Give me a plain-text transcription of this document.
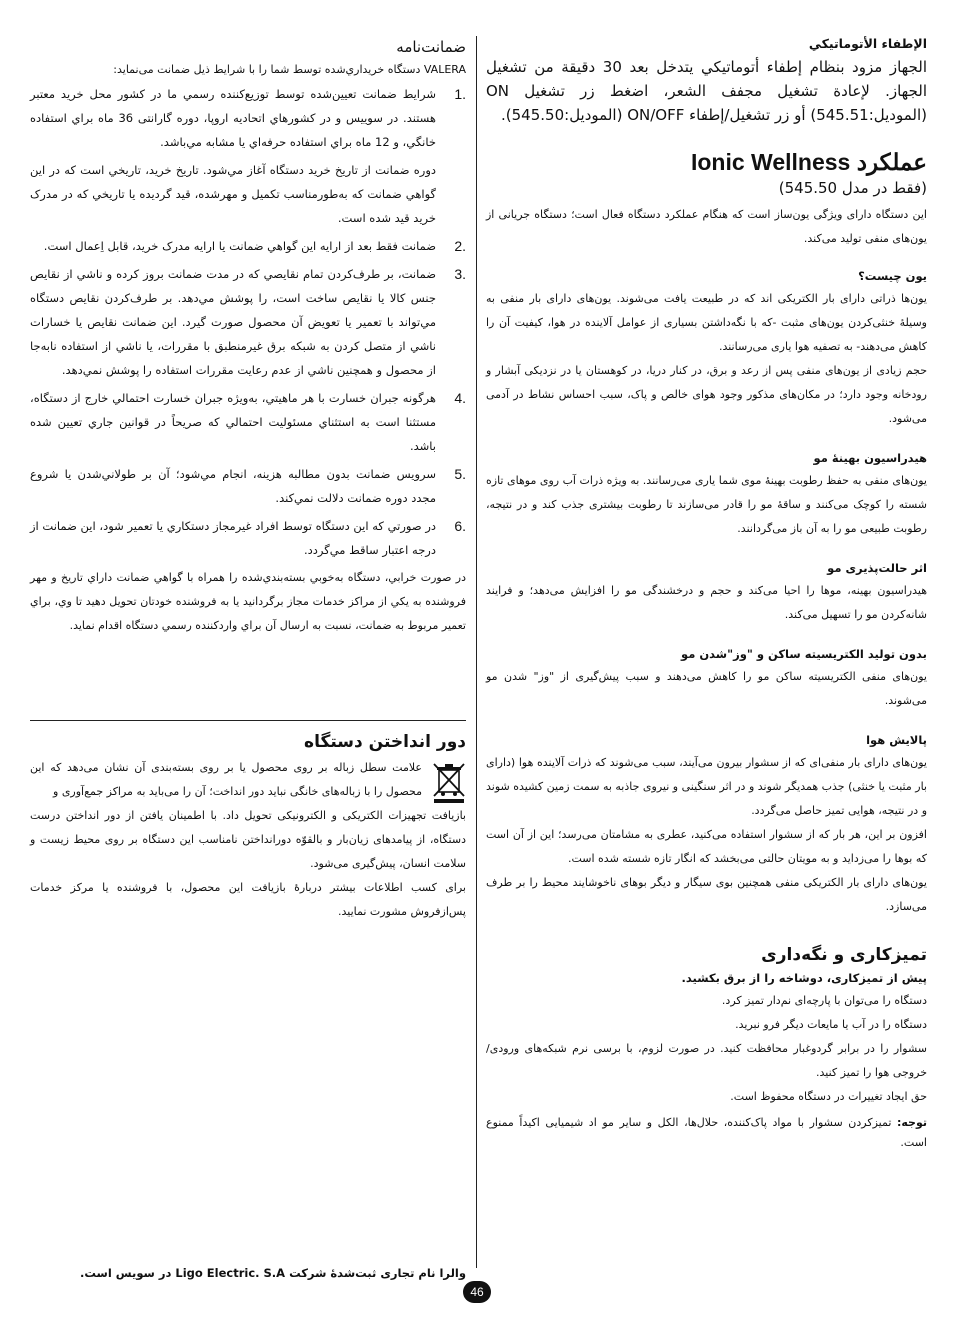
الإطفاء الأتوماتيكي

الجهاز مزود بنظام إطفاء أتوماتيكي يتدخل بعد 30 دقيقة من تشغيل الجهاز. لإعادة تشغيل مجفف الشعر، اضغط زر تشغيل ON (الموديل:545.51) أو زر تشغيل/إطفاء ON/OFF (الموديل:545.50).

عملکرد Ionic Wellness

(فقط در مدل 545.50)

این دستگاه دارای ویژگی یون‌ساز است که هنگام عملکرد دستگاه فعال است؛ دستگاه جریانی از یون‌های منفی تولید می‌کند.

یون چیست؟

یون‌ها ذراتی دارای بار الکتریکی اند که در طبیعت یافت می‌شوند. یون‌های دارای بار منفی به وسیلهٔ خنثی‌کردن یون‌های مثبت -که با نگه‌داشتن بسیاری از عوامل آلاینده در هوا، کیفیت آن را کاهش می‌دهند- به تصفیه هوا یاری می‌رسانند.

حجم زیادی از یون‌های منفی پس از رعد و برق، در کنار دریا، در کوهستان یا در نزدیکی آبشار و رودخانه وجود دارد؛ در مکان‌های مذکور وجود هوای خالص و پاک، سبب احساس نشاط در آدمی می‌شود.

هیدراسیون بهینهٔ مو

یون‌های منفی به حفظ رطوبت بهینهٔ موی شما یاری می‌رسانند. به ویژه ذرات آب روی موهای تازه شسته را کوچک می‌کنند و ساقهٔ مو را قادر می‌سازند تا رطوبت بیشتری جذب کند و در نتیجه، رطوبت طبیعی مو را به آن باز می‌گردانند.

اثر حالت‌پذیری مو

هیدراسیون بهینه، موها را احیا می‌کند و حجم و درخشندگی مو را افزایش می‌دهد؛ و فرایند شانه‌کردن مو را تسهیل می‌کند.

بدون تولید الکتریسیته ساکن و "وز"شدن مو

یون‌های منفی الکتریسیته ساکن مو را کاهش می‌دهند و سبب پیش‌گیری از "وز" شدن مو می‌شوند.

پالایش هوا

یون‌های دارای بار منفی‌ای که از سشوار بیرون می‌آیند، سبب می‌شوند که ذرات آلاینده هوا (دارای بار مثبت یا خنثی) جذب همدیگر شوند و در اثر سنگینی و نیروی جاذبه به سمت زمین کشیده شوند و در نتیجه، هوایی تمیز حاصل می‌گردد.

افزون بر این، هر بار که از سشوار استفاده می‌کنید، عطری به مشامتان می‌رسد؛ این از آن است که بوها را می‌زداید و به مویتان حالتی می‌بخشد که انگار تازه شسته شده است.

یون‌های دارای بار الکتریکی منفی همچنین بوی سیگار و دیگر بوهای ناخوشایند محیط را بر طرف می‌سازد.

تمیزکاری و نگه‌داری

پیش از تمیزکاری، دوشاخه را از برق بکشید.

دستگاه را می‌توان با پارچه‌ای نم‌دار تمیز کرد.

دستگاه را در آب یا مایعات دیگر فرو نبرید.

سشوار را در برابر گردوغبار محافظت کنید. در صورت لزوم، با برسی نرم شبکه‌های ورودی/خروجی هوا را تمیز کنید.

حق ایجاد تغییرات در دستگاه محفوظ است.

توجه: تمیزکردن سشوار با مواد پاک‌کننده، حلال‌ها، الکل و سایر مو اد شیمیایی اکیداً ممنوع است.

ضمانت‌نامه

VALERA دستگاه خریداري‌شده توسط شما را با شرایط ذیل ضمانت می‌نماید:

.1
شرایط ضمانت تعیین‌شده توسط توزیع‌کننده رسمي ما در کشور محل خرید معتبر هستند. در سوییس و در کشورهاي اتحادیه اروپا، دوره گارانتی 36 ماه براي استفاده خانگي، و 12 ماه براي استفاده حرفه‌اي یا مشابه مي‌باشد.
دوره ضمانت از تاریخ خرید دستگاه آغاز مي‌شود. تاریخ خرید، تاریخي است که در این گواهي ضمانت که به‌طورمناسب تکمیل و مهرشده، قید گردیده یا تاریخي که در مدرک خرید قید شده است.
.2
ضمانت فقط بعد از ارایه این گواهي ضمانت یا ارایه مدرک خرید، قابل اِعمال است.
.3
ضمانت، بر طرف‌کردن تمام نقایصي که در مدت ضمانت بروز کرده و ناشي از نقایص جنس کالا یا نقایص ساخت است، را پوشش مي‌دهد. بر طرف‌کردن نقایص دستگاه مي‌تواند با تعمیر یا تعویض آن محصول صورت گیرد. این ضمانت نقایص یا خسارات ناشي از متصل کردن به شبکه برق غیرمنطبق با مقررات، یا ناشي از استفاده نابه‌جا از محصول و همچنین ناشي از عدم رعایت مقررات استفاده را پوشش نمي‌دهد.
.4
هرگونه جبران خسارت با هر ماهیتي، به‌ویژه جبران خسارت احتمالي خارج از دستگاه، مستثنا است به استثناي مسئولیت احتمالي که صریحاً در قوانین جاري تعیین شده باشد.
.5
سرویس ضمانت بدون مطالبه هزینه، انجام مي‌شود؛ آن بر طولاني‌شدن یا شروع مجدد دوره ضمانت دلالت نمي‌کند.
.6
در صورتي که این دستگاه توسط افراد غیرمجاز دستکاري یا تعمیر شود، این ضمانت از درجه اعتبار ساقط مي‌گردد.

در صورت خرابي، دستگاه به‌خوبي بسته‌بندي‌شده را همراه با گواهي ضمانت داراي تاریخ و مهر فروشنده به یکي از مراکز خدمات مجاز برگردانید یا به فروشنده خودتان تحویل دهید تا وي، براي تعمیر مربوط به ضمانت، نسبت به ارسال آن براي واردکننده رسمي دستگاه اقدام نماید.

دور انداختن دستگاه

علامت سطل زباله بر روی محصول یا بر روی بسته‌بندی آن نشان می‌دهد که این محصول را با زباله‌های خانگی نباید دور انداخت؛ آن را می‌باید به مراکز جمع‌آوری و

بازیافت تجهیزات الکتریکی و الکترونیکی تحویل داد. با اطمینان یافتن از دور انداختن درست دستگاه، از پیامدهای زیان‌بار و بالقوّه دورانداختن نامناسب این دستگاه بر روی محیط زیست و سلامت انسان، پیش‌گیری می‌شود.

برای کسب اطلاعات بیشتر دربارهٔ بازیافت این محصول، با فروشنده یا مرکز خدمات پس‌ازفروش مشورت نمایید.

والرا نام تجاری ثبت‌شدهٔ شرکت Ligo Electric. S.A در سویس است.
46
